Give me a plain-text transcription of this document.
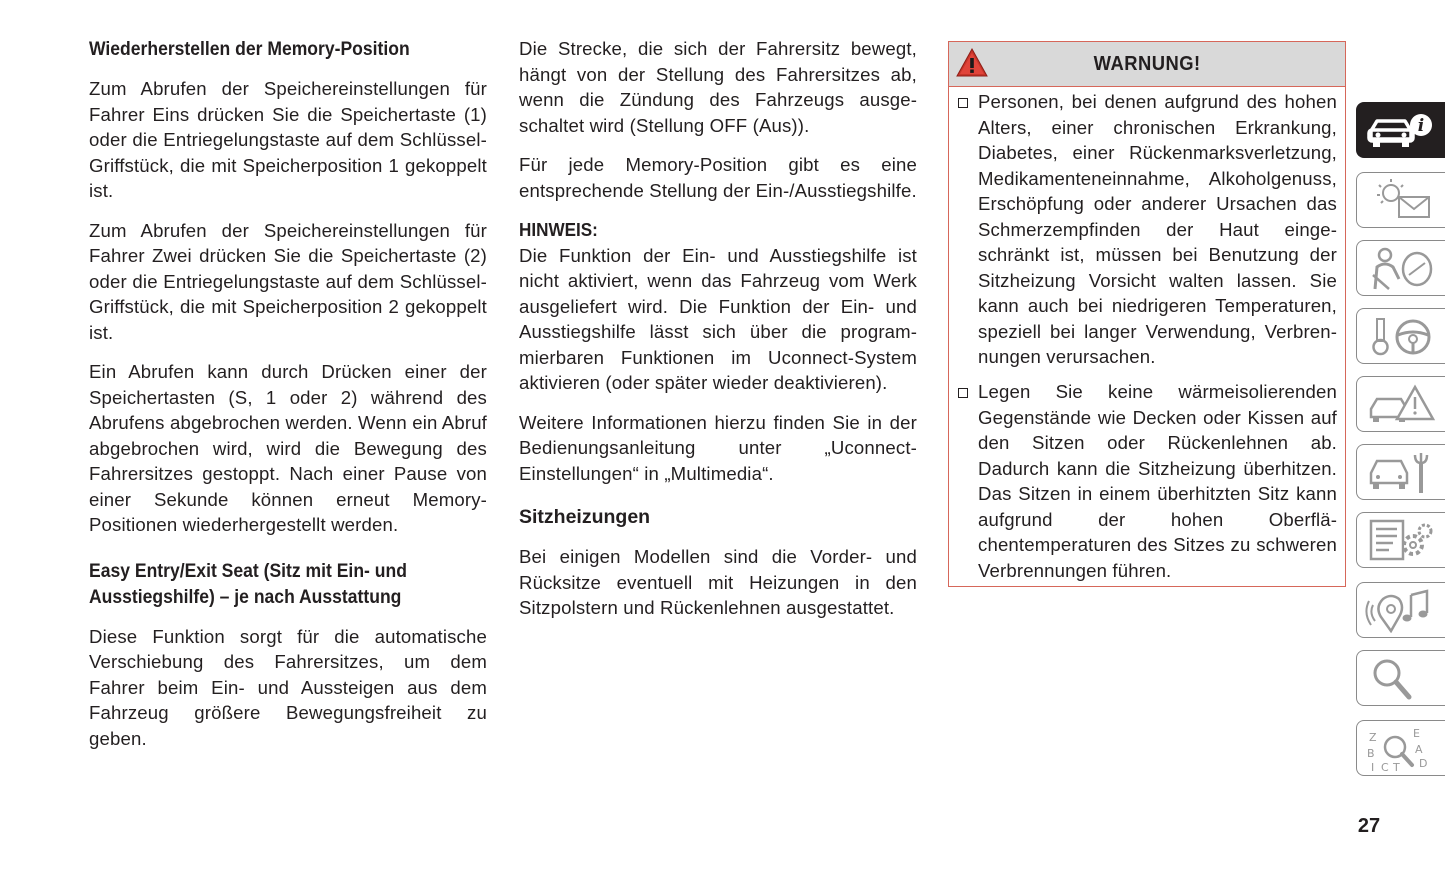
Wiederherstellen der Memory-Position

Zum Abrufen der Speichereinstellungen für Fahrer Eins drücken Sie die Speichertaste (1) oder die Entriegelungstaste auf dem Schlüssel-Griffstück, die mit Speicherposition 1 gekoppelt ist.

Zum Abrufen der Speichereinstellungen für Fahrer Zwei drücken Sie die Speichertaste (2) oder die Entriegelungstaste auf dem Schlüssel-Griffstück, die mit Speicherposition 2 gekoppelt ist.

Ein Abrufen kann durch Drücken einer der Speichertasten (S, 1 oder 2) während des Abrufens abgebrochen werden. Wenn ein Abruf abgebrochen wird, wird die Bewegung des Fahrersitzes gestoppt. Nach einer Pause von einer Sekunde können erneut Memory-Positionen wiederhergestellt werden.

Easy Entry/Exit Seat (Sitz mit Ein- und
Ausstiegshilfe) – je nach Ausstattung

Diese Funktion sorgt für die automatische Verschiebung des Fahrersitzes, um dem Fahrer beim Ein- und Aussteigen aus dem Fahrzeug größere Bewegungsfreiheit zu geben.

Die Strecke, die sich der Fahrersitz bewegt, hängt von der Stellung des Fahrersitzes ab, wenn die Zündung des Fahrzeugs ausgeschaltet wird (Stellung OFF (Aus)).

Für jede Memory-Position gibt es eine entsprechende Stellung der Ein-/Ausstiegshilfe.

HINWEIS:

Die Funktion der Ein- und Ausstiegshilfe ist nicht aktiviert, wenn das Fahrzeug vom Werk ausgeliefert wird. Die Funktion der Ein- und Ausstiegshilfe lässt sich über die programmierbaren Funktionen im Uconnect-System aktivieren (oder später wieder deaktivieren).

Weitere Informationen hierzu finden Sie in der Bedienungsanleitung unter „Uconnect-Einstellungen“ in „Multimedia“.

Sitzheizungen

Bei einigen Modellen sind die Vorder- und Rücksitze eventuell mit Heizungen in den Sitzpolstern und Rückenlehnen ausgestattet.

WARNUNG!

Personen, bei denen aufgrund des hohen Alters, einer chronischen Erkrankung, Diabetes, einer Rückenmarksverletzung, Medikamenteneinnahme, Alkoholgenuss, Erschöpfung oder anderer Ursachen das Schmerzempfinden der Haut eingeschränkt ist, müssen bei Benutzung der Sitzheizung Vorsicht walten lassen. Sie kann auch bei niedrigeren Temperaturen, speziell bei langer Verwendung, Verbrennungen verursachen.

Legen Sie keine wärmeisolierenden Gegenstände wie Decken oder Kissen auf den Sitzen oder Rückenlehnen ab. Dadurch kann die Sitzheizung überhitzen. Das Sitzen in einem überhitzten Sitz kann aufgrund der hohen Oberflächentemperaturen des Sitzes zu schweren Verbrennungen führen.

i
Z	E
A
B
D
C T
I
27
